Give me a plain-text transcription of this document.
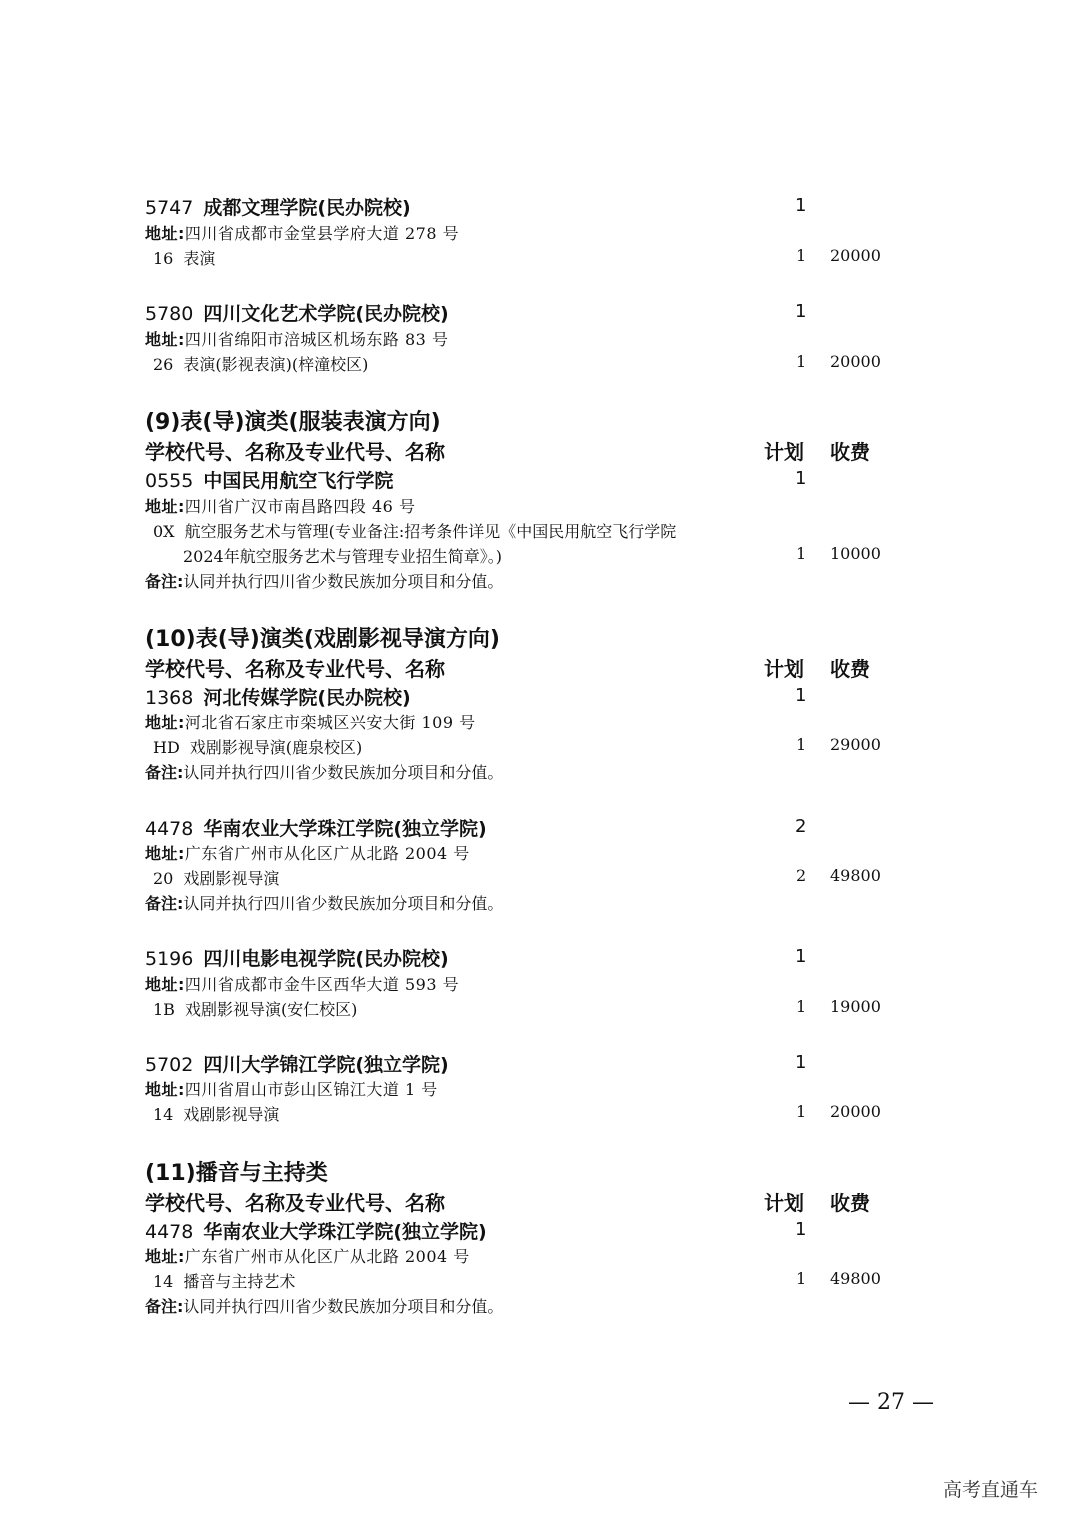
5747 成都文理学院(民办院校)	1
地址:四川省成都市金堂县学府大道 278 号
16 表演	1 20000
5780 四川文化艺术学院(民办院校)	1
地址:四川省绵阳市涪城区机场东路 83 号
26 表演(影视表演)(梓潼校区)	1 20000
(9)表(导)演类(服装表演方向)
学校代号、名称及专业代号、名称	计划 收费
0555 中国民用航空飞行学院	1
地址:四川省广汉市南昌路四段 46 号
0X 航空服务艺术与管理(专业备注:招考条件详见《中国民用航空飞行学院
2024年航空服务艺术与管理专业招生简章》。)	1 10000
备注:认同并执行四川省少数民族加分项目和分值。
(10)表(导)演类(戏剧影视导演方向)
学校代号、名称及专业代号、名称	计划 收费
1368 河北传媒学院(民办院校)	1
地址:河北省石家庄市栾城区兴安大街 109 号
HD 戏剧影视导演(鹿泉校区)	1 29000
备注:认同并执行四川省少数民族加分项目和分值。
4478 华南农业大学珠江学院(独立学院)	2
地址:广东省广州市从化区广从北路 2004 号
20 戏剧影视导演	2 49800
备注:认同并执行四川省少数民族加分项目和分值。
5196 四川电影电视学院(民办院校)	1
地址:四川省成都市金牛区西华大道 593 号
1B 戏剧影视导演(安仁校区)	1 19000
5702 四川大学锦江学院(独立学院)	1
地址:四川省眉山市彭山区锦江大道 1 号
14 戏剧影视导演	1 20000
(11)播音与主持类
学校代号、名称及专业代号、名称	计划 收费
4478 华南农业大学珠江学院(独立学院)	1
地址:广东省广州市从化区广从北路 2004 号
14 播音与主持艺术	1 49800
备注:认同并执行四川省少数民族加分项目和分值。
— 27 —
高考直通车
